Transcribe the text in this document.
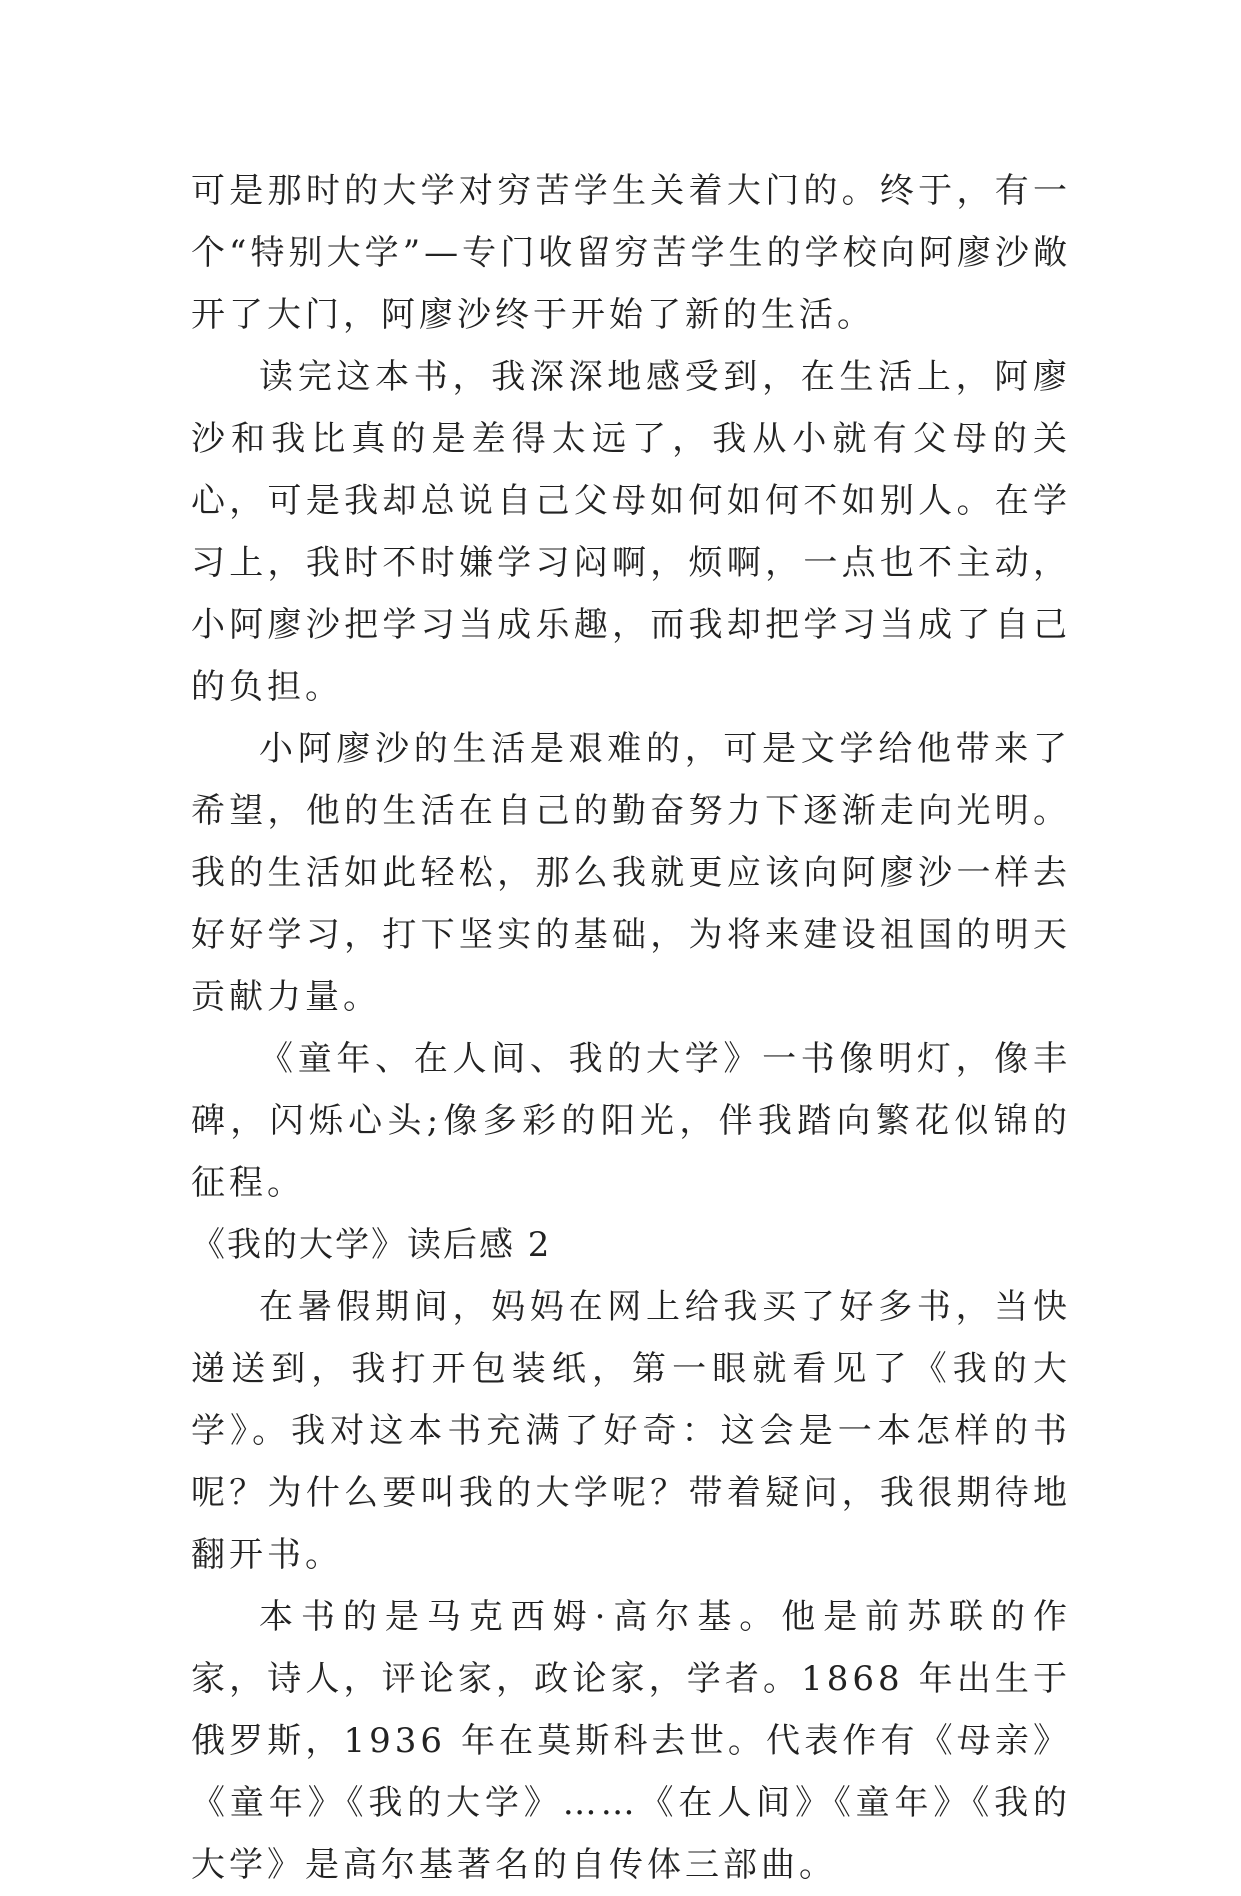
可是那时的大学对穷苦学生关着大门的。终于，有一个“特别大学”—专门收留穷苦学生的学校向阿廖沙敞开了大门，阿廖沙终于开始了新的生活。

读完这本书，我深深地感受到，在生活上，阿廖沙和我比真的是差得太远了，我从小就有父母的关心，可是我却总说自己父母如何如何不如别人。在学习上，我时不时嫌学习闷啊，烦啊，一点也不主动，小阿廖沙把学习当成乐趣，而我却把学习当成了自己的负担。

小阿廖沙的生活是艰难的，可是文学给他带来了希望，他的生活在自己的勤奋努力下逐渐走向光明。我的生活如此轻松，那么我就更应该向阿廖沙一样去好好学习，打下坚实的基础，为将来建设祖国的明天贡献力量。

《童年、在人间、我的大学》一书像明灯，像丰碑，闪烁心头;像多彩的阳光，伴我踏向繁花似锦的征程。

《我的大学》读后感 2

在暑假期间，妈妈在网上给我买了好多书，当快递送到，我打开包装纸，第一眼就看见了《我的大学》。我对这本书充满了好奇：这会是一本怎样的书呢？为什么要叫我的大学呢？带着疑问，我很期待地翻开书。

本书的是马克西姆·高尔基。他是前苏联的作家，诗人，评论家，政论家，学者。1868 年出生于俄罗斯，1936 年在莫斯科去世。代表作有《母亲》《童年》《我的大学》……《在人间》《童年》《我的大学》是高尔基著名的自传体三部曲。
